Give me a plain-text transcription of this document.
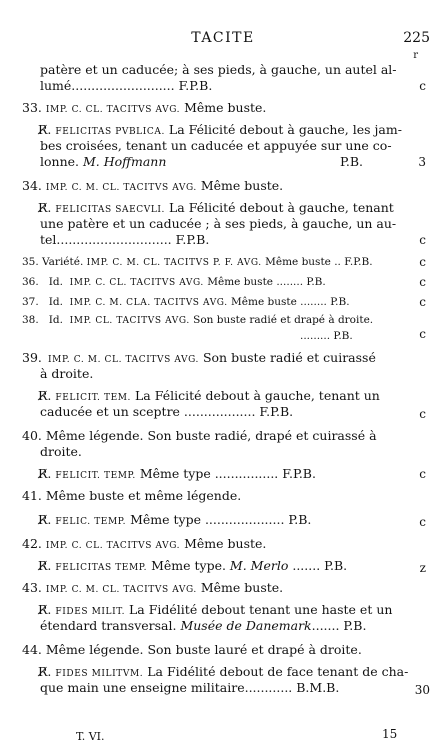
TACITE	225
r
patère et un caducée; à ses pieds, à gauche, un autel al-
lumé.......................... F.P.B.	c
33. IMP. C. CL. TACITVS AVG. Même buste.
R̸. FELICITAS PVBLICA. La Félicité debout à gauche, les jam-
bes croisées, tenant un caducée et appuyée sur une co-
lonne. M. Hoffmann	P.B.	3
34. IMP. C. M. CL. TACITVS AVG. Même buste.
R̸. FELICITAS SAECVLI. La Félicité debout à gauche, tenant
une patère et un caducée ; à ses pieds, à gauche, un au-
tel............................. F.P.B.	c
35. Variété. IMP. C. M. CL. TACITVS P. F. AVG. Même buste .. F.P.B.	c
36. Id. IMP. C. CL. TACITVS AVG. Même buste ........ P.B.	c
37. Id. IMP. C. M. CLA. TACITVS AVG. Même buste ........ P.B.	c
38. Id. IMP. CL. TACITVS AVG. Son buste radié et drapé à droite.
......... P.B.	c
39. IMP. C. M. CL. TACITVS AVG. Son buste radié et cuirassé
à droite.
R̸. FELICIT. TEM. La Félicité debout à gauche, tenant un
caducée et un sceptre .................. F.P.B.	c
40. Même légende. Son buste radié, drapé et cuirassé à
droite.
R̸. FELICIT. TEMP. Même type ................ F.P.B.	c
41. Même buste et même légende.
R̸. FELIC. TEMP. Même type .................... P.B.	c
42. IMP. C. CL. TACITVS AVG. Même buste.
R̸. FELICITAS TEMP. Même type. M. Merlo ....... P.B.	z
43. IMP. C. M. CL. TACITVS AVG. Même buste.
R̸. FIDES MILIT. La Fidélité debout tenant une haste et un
étendard transversal. Musée de Danemark....... P.B.
44. Même légende. Son buste lauré et drapé à droite.
R̸. FIDES MILITVM. La Fidélité debout de face tenant de cha-
que main une enseigne militaire............ B.M.B.	30
T. VI.	15
